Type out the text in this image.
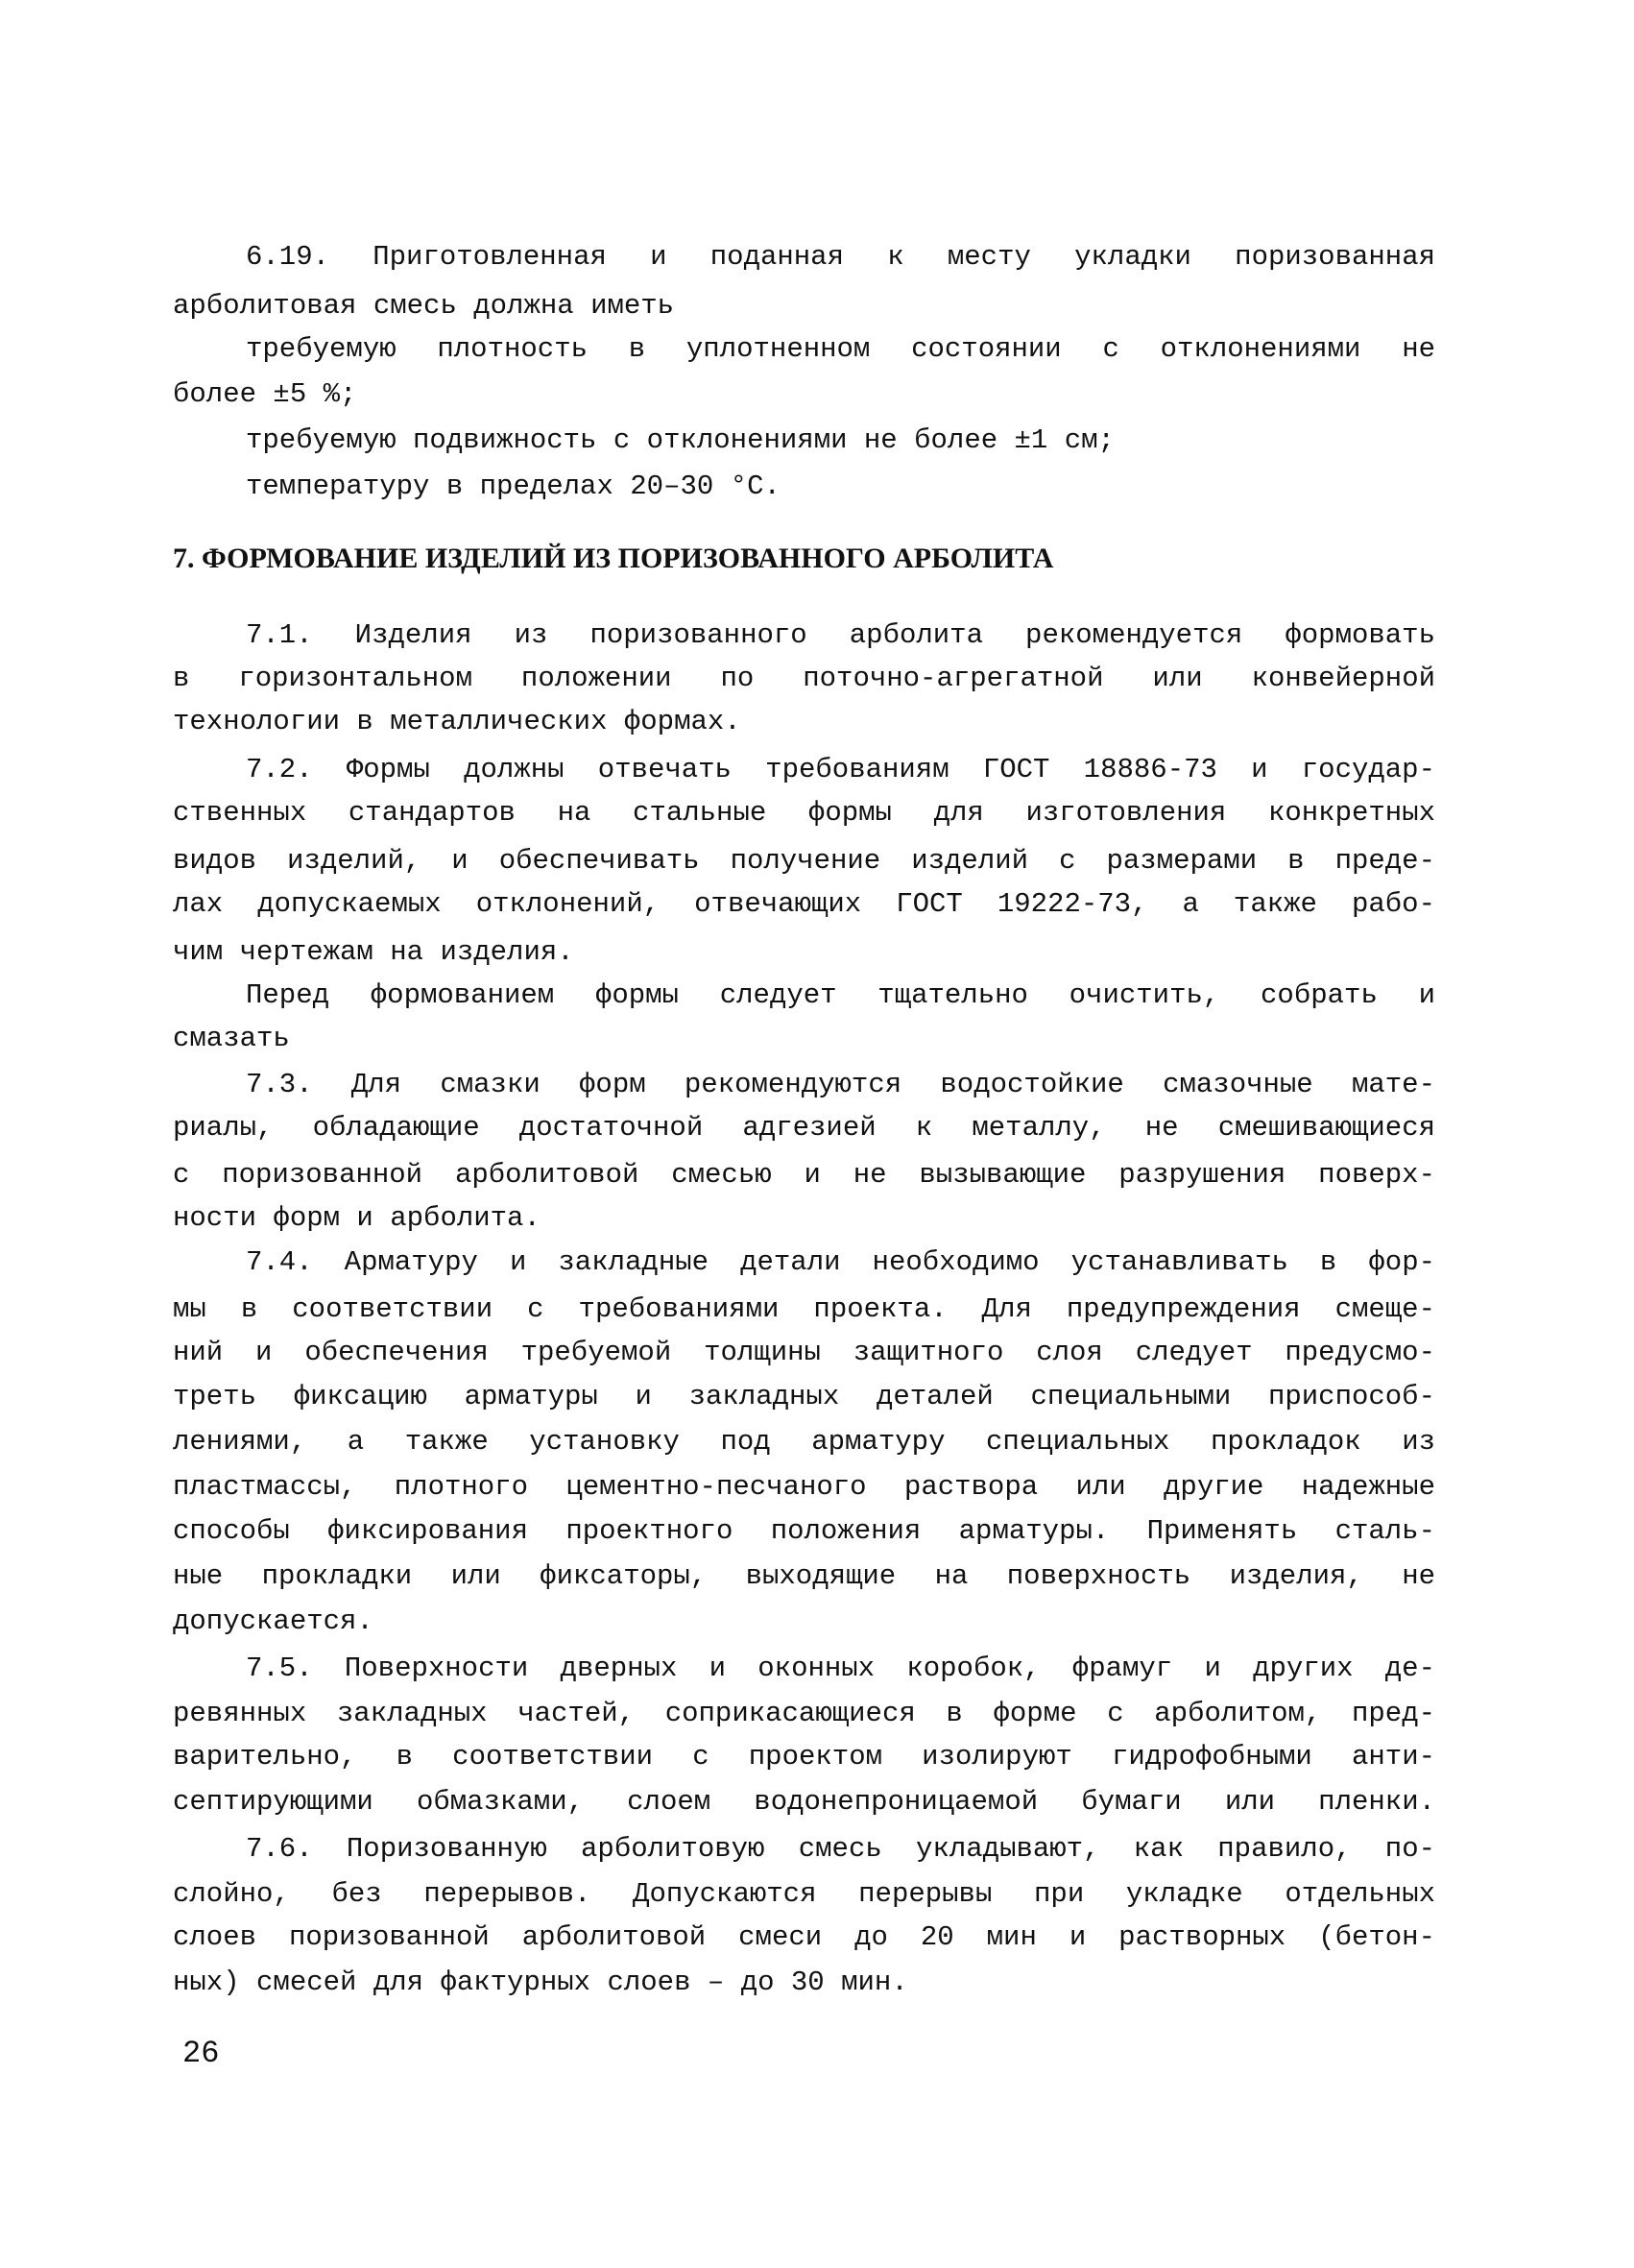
6.19. Приготовленная и поданная к месту укладки поризованная
арболитовая смесь должна иметь
требуемую плотность в уплотненном состоянии с отклонениями не
более ±5 %;
требуемую подвижность с отклонениями не более ±1 см;
температуру в пределах 20–30 °С.
7. ФОРМОВАНИЕ ИЗДЕЛИЙ ИЗ ПОРИЗОВАННОГО АРБОЛИТА
7.1. Изделия из поризованного арболита рекомендуется формовать
в горизонтальном положении по поточно-агрегатной или конвейерной
технологии в металлических формах.
7.2. Формы должны отвечать требованиям ГОСТ 18886-73 и государ-
ственных стандартов на стальные формы для изготовления конкретных
видов изделий, и обеспечивать получение изделий с размерами в преде-
лах допускаемых отклонений, отвечающих ГОСТ 19222-73, а также рабо-
чим чертежам на изделия.
Перед формованием формы следует тщательно очистить, собрать и
смазать
7.3. Для смазки форм рекомендуются водостойкие смазочные мате-
риалы, обладающие достаточной адгезией к металлу, не смешивающиеся
с поризованной арболитовой смесью и не вызывающие разрушения поверх-
ности форм и арболита.
7.4. Арматуру и закладные детали необходимо устанавливать в фор-
мы в соответствии с требованиями проекта. Для предупреждения смеще-
ний и обеспечения требуемой толщины защитного слоя следует предусмо-
треть фиксацию арматуры и закладных деталей специальными приспособ-
лениями, а также установку под арматуру специальных прокладок из
пластмассы, плотного цементно-песчаного раствора или другие надежные
способы фиксирования проектного положения арматуры. Применять сталь-
ные прокладки или фиксаторы, выходящие на поверхность изделия, не
допускается.
7.5. Поверхности дверных и оконных коробок, фрамуг и других де-
ревянных закладных частей, соприкасающиеся в форме с арболитом, пред-
варительно, в соответствии с проектом изолируют гидрофобными анти-
септирующими обмазками, слоем водонепроницаемой бумаги или пленки.
7.6. Поризованную арболитовую смесь укладывают, как правило, по-
слойно, без перерывов. Допускаются перерывы при укладке отдельных
слоев поризованной арболитовой смеси до 20 мин и растворных (бетон-
ных) смесей для фактурных слоев – до 30 мин.
26
